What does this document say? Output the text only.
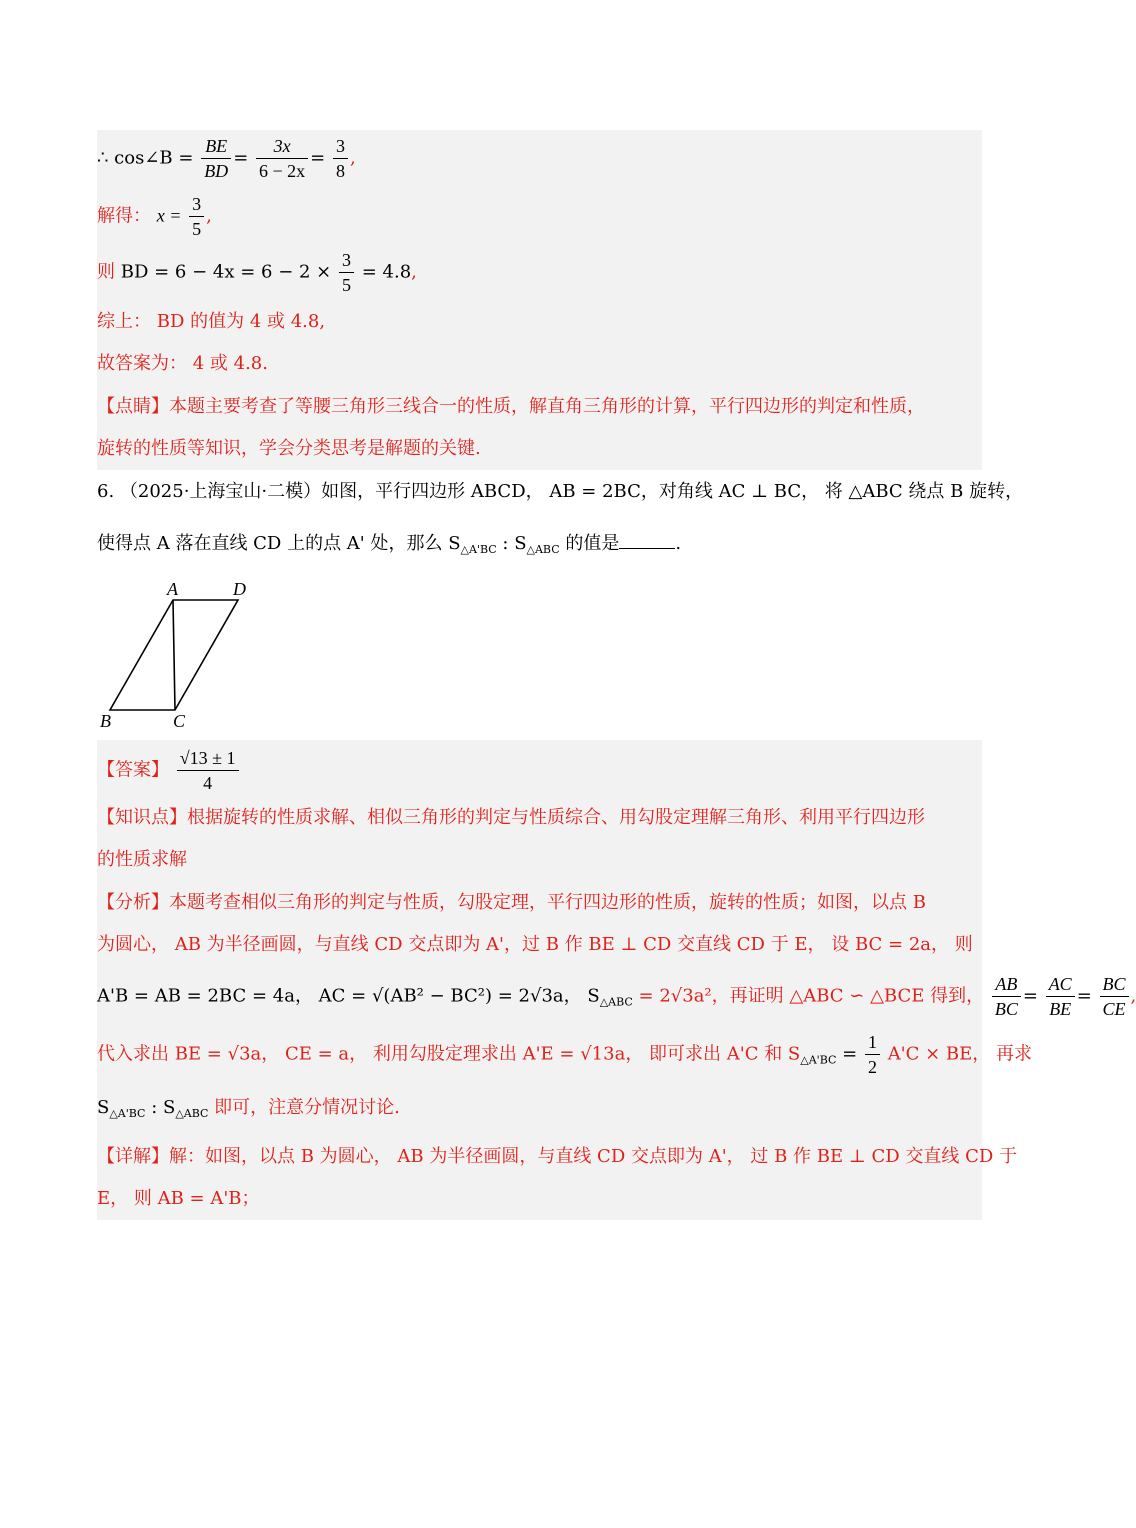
∴ cos∠B = $\frac{BE}{BD} = \frac{3x}{6 - 2x} = \frac{3}{8}$ ,
解得： $x = \frac{3}{5}$ ,
则 BD = $6 - 4x = 6 - 2 \times \frac{3}{5} = 4.8$,
综上： BD 的值为 4 或 4.8,
故答案为： 4 或 4.8.
【点睛】本题主要考查了等腰三角形三线合一的性质，解直角三角形的计算，平行四边形的判定和性质，
旋转的性质等知识，学会分类思考是解题的关键.
6. （2025·上海宝山·二模）如图，平行四边形 ABCD， AB = 2BC，对角线 AC ⊥ BC， 将 △ABC 绕点 B 旋转，
使得点 A 落在直线 CD 上的点 A' 处，那么 $S_{\triangle A'BC}$ : $S_{\triangle ABC}$ 的值是	.
A	D
B	C
【答案】 $\frac{√13 \pm 1}{4}$
【知识点】根据旋转的性质求解、相似三角形的判定与性质综合、用勾股定理解三角形、利用平行四边形
的性质求解
【分析】本题考查相似三角形的判定与性质，勾股定理，平行四边形的性质，旋转的性质；如图，以点 B
为圆心， AB 为半径画圆，与直线 CD 交点即为 A'，过 B 作 BE ⊥ CD 交直线 CD 于 E， 设 BC = 2a， 则
A'B = AB = 2BC = 4a， AC = √(AB² − BC²) = 2√3a， $S_{\triangle ABC} = 2√3a^2$，再证明 △ABC ∽ △BCE 得到， $\frac{AB}{BC} = \frac{AC}{BE} = \frac{BC}{CE}$ ,
代入求出 BE = √3a， CE = a， 利用勾股定理求出 A'E = √13a， 即可求出 A'C 和 $S_{\triangle A'BC} = \frac{1}{2} A'C$ × BE， 再求
$S_{\triangle A'BC}$ : $S_{\triangle ABC}$ 即可，注意分情况讨论.
【详解】解：如图，以点 B 为圆心， AB 为半径画圆，与直线 CD 交点即为 A'， 过 B 作 BE ⊥ CD 交直线 CD 于
E， 则 AB = A'B；
